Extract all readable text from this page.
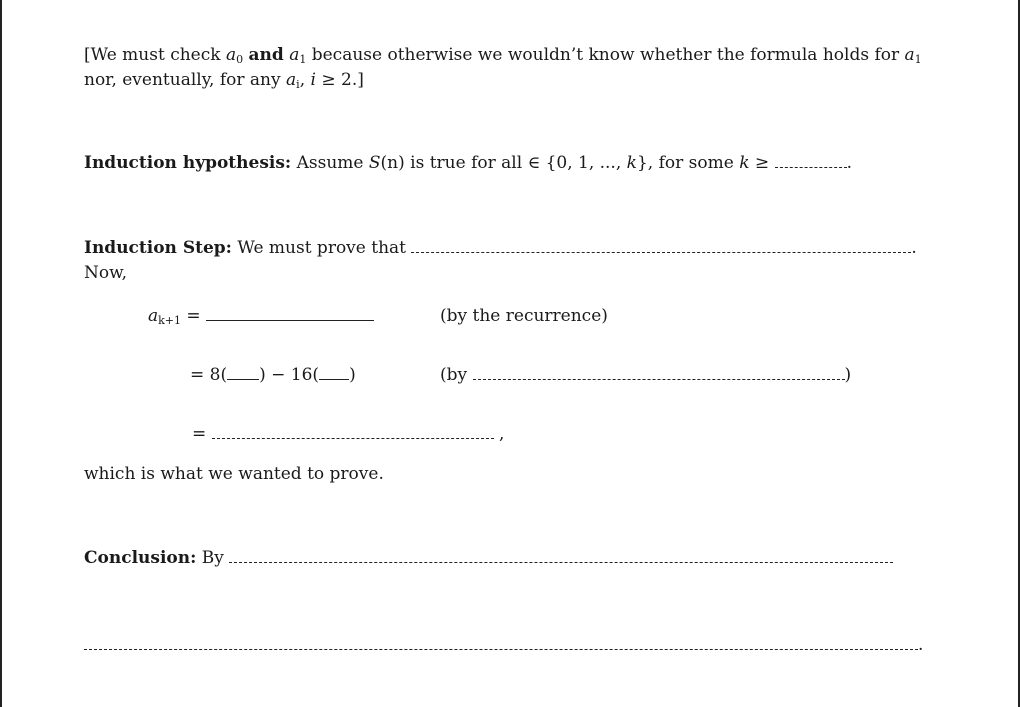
[We must check $a_0$ and $a_1$ because otherwise we wouldn’t know whether the formula holds for $a_1$
nor, eventually, for any $a_i$, i ≥ 2.]
Induction hypothesis: Assume S(n) is true for all ∈ {0, 1, ..., k}, for some k ≥	.
Induction Step: We must prove that	.
Now,
$a_{k+1}$ =	(by the recurrence)
= 8( ) − 16( )	(by	)
=	,
which is what we wanted to prove.
Conclusion: By
.
